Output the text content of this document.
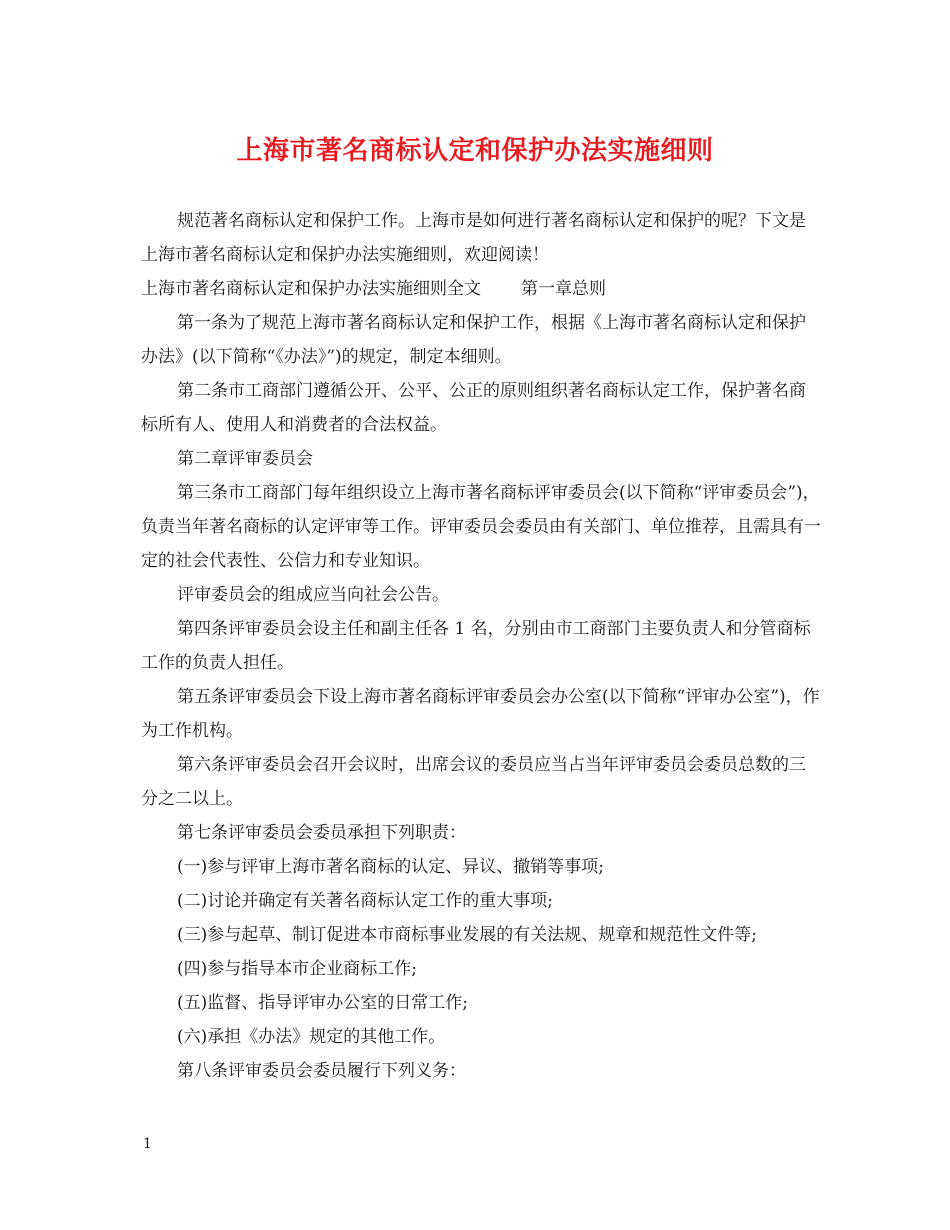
上海市著名商标认定和保护办法实施细则

规范著名商标认定和保护工作。上海市是如何进行著名商标认定和保护的呢？下文是上海市著名商标认定和保护办法实施细则，欢迎阅读！

上海市著名商标认定和保护办法实施细则全文 第一章总则

第一条为了规范上海市著名商标认定和保护工作，根据《上海市著名商标认定和保护办法》(以下简称“《办法》”)的规定，制定本细则。

第二条市工商部门遵循公开、公平、公正的原则组织著名商标认定工作，保护著名商标所有人、使用人和消费者的合法权益。

第二章评审委员会

第三条市工商部门每年组织设立上海市著名商标评审委员会(以下简称“评审委员会”)，负责当年著名商标的认定评审等工作。评审委员会委员由有关部门、单位推荐，且需具有一定的社会代表性、公信力和专业知识。

评审委员会的组成应当向社会公告。

第四条评审委员会设主任和副主任各 1 名，分别由市工商部门主要负责人和分管商标工作的负责人担任。

第五条评审委员会下设上海市著名商标评审委员会办公室(以下简称“评审办公室”)，作为工作机构。

第六条评审委员会召开会议时，出席会议的委员应当占当年评审委员会委员总数的三分之二以上。

第七条评审委员会委员承担下列职责：

(一)参与评审上海市著名商标的认定、异议、撤销等事项;

(二)讨论并确定有关著名商标认定工作的重大事项;

(三)参与起草、制订促进本市商标事业发展的有关法规、规章和规范性文件等;

(四)参与指导本市企业商标工作;

(五)监督、指导评审办公室的日常工作;

(六)承担《办法》规定的其他工作。

第八条评审委员会委员履行下列义务：

1
